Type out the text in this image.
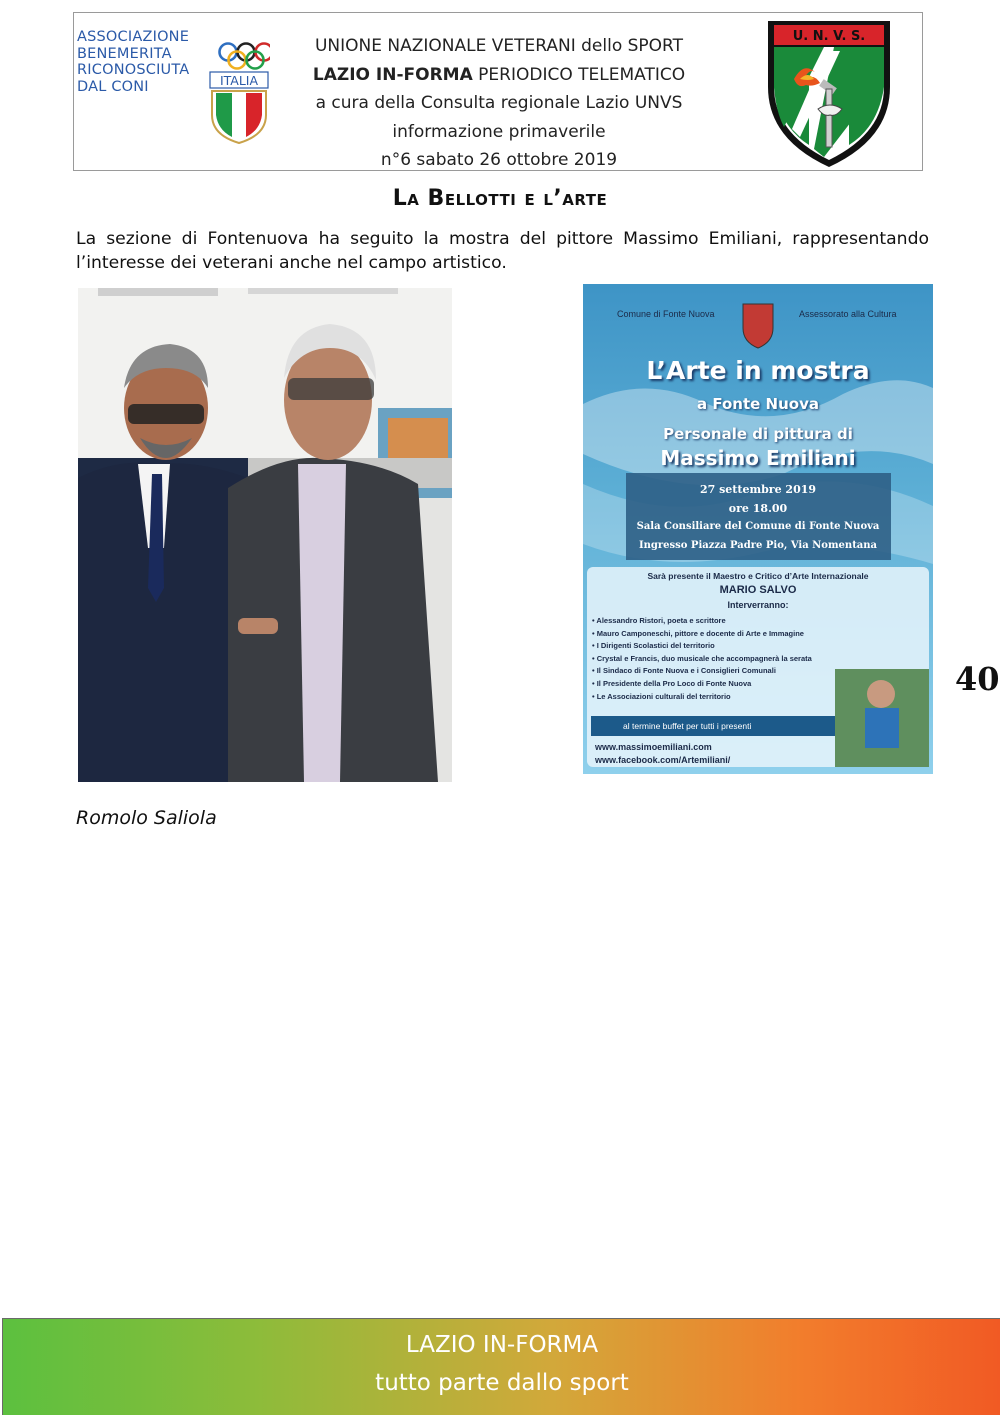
ASSOCIAZIONE
BENEMERITA
RICONOSCIUTA
DAL CONI	ITALIA
UNIONE NAZIONALE VETERANI dello SPORT
LAZIO IN-FORMA PERIODICO TELEMATICO
a cura della Consulta regionale Lazio UNVS
informazione primaverile
n°6 sabato 26 ottobre 2019
U. N. V. S.
La Bellotti e l’arte
La sezione di Fontenuova ha seguito la mostra del pittore Massimo Emiliani, rappresentando l’interesse dei veterani anche nel campo artistico.
Comune di Fonte Nuova	Assessorato alla Cultura
L’Arte in mostra
a Fonte Nuova
Personale di pittura di
Massimo Emiliani
27 settembre 2019
ore 18.00
Sala Consiliare del Comune di Fonte Nuova
Ingresso Piazza Padre Pio, Via Nomentana
Sarà presente il Maestro e Critico d’Arte Internazionale
MARIO SALVO
Interverranno:
• Alessandro Ristori, poeta e scrittore
• Mauro Camponeschi, pittore e docente di Arte e Immagine
• I Dirigenti Scolastici del territorio
• Crystal e Francis, duo musicale che accompagnerà la serata
• Il Sindaco di Fonte Nuova e i Consiglieri Comunali
• Il Presidente della Pro Loco di Fonte Nuova
• Le Associazioni culturali del territorio
al termine buffet per tutti i presenti
www.massimoemiliani.com
www.facebook.com/Artemiliani/
40
Romolo Saliola
LAZIO IN-FORMA
tutto parte dallo sport
